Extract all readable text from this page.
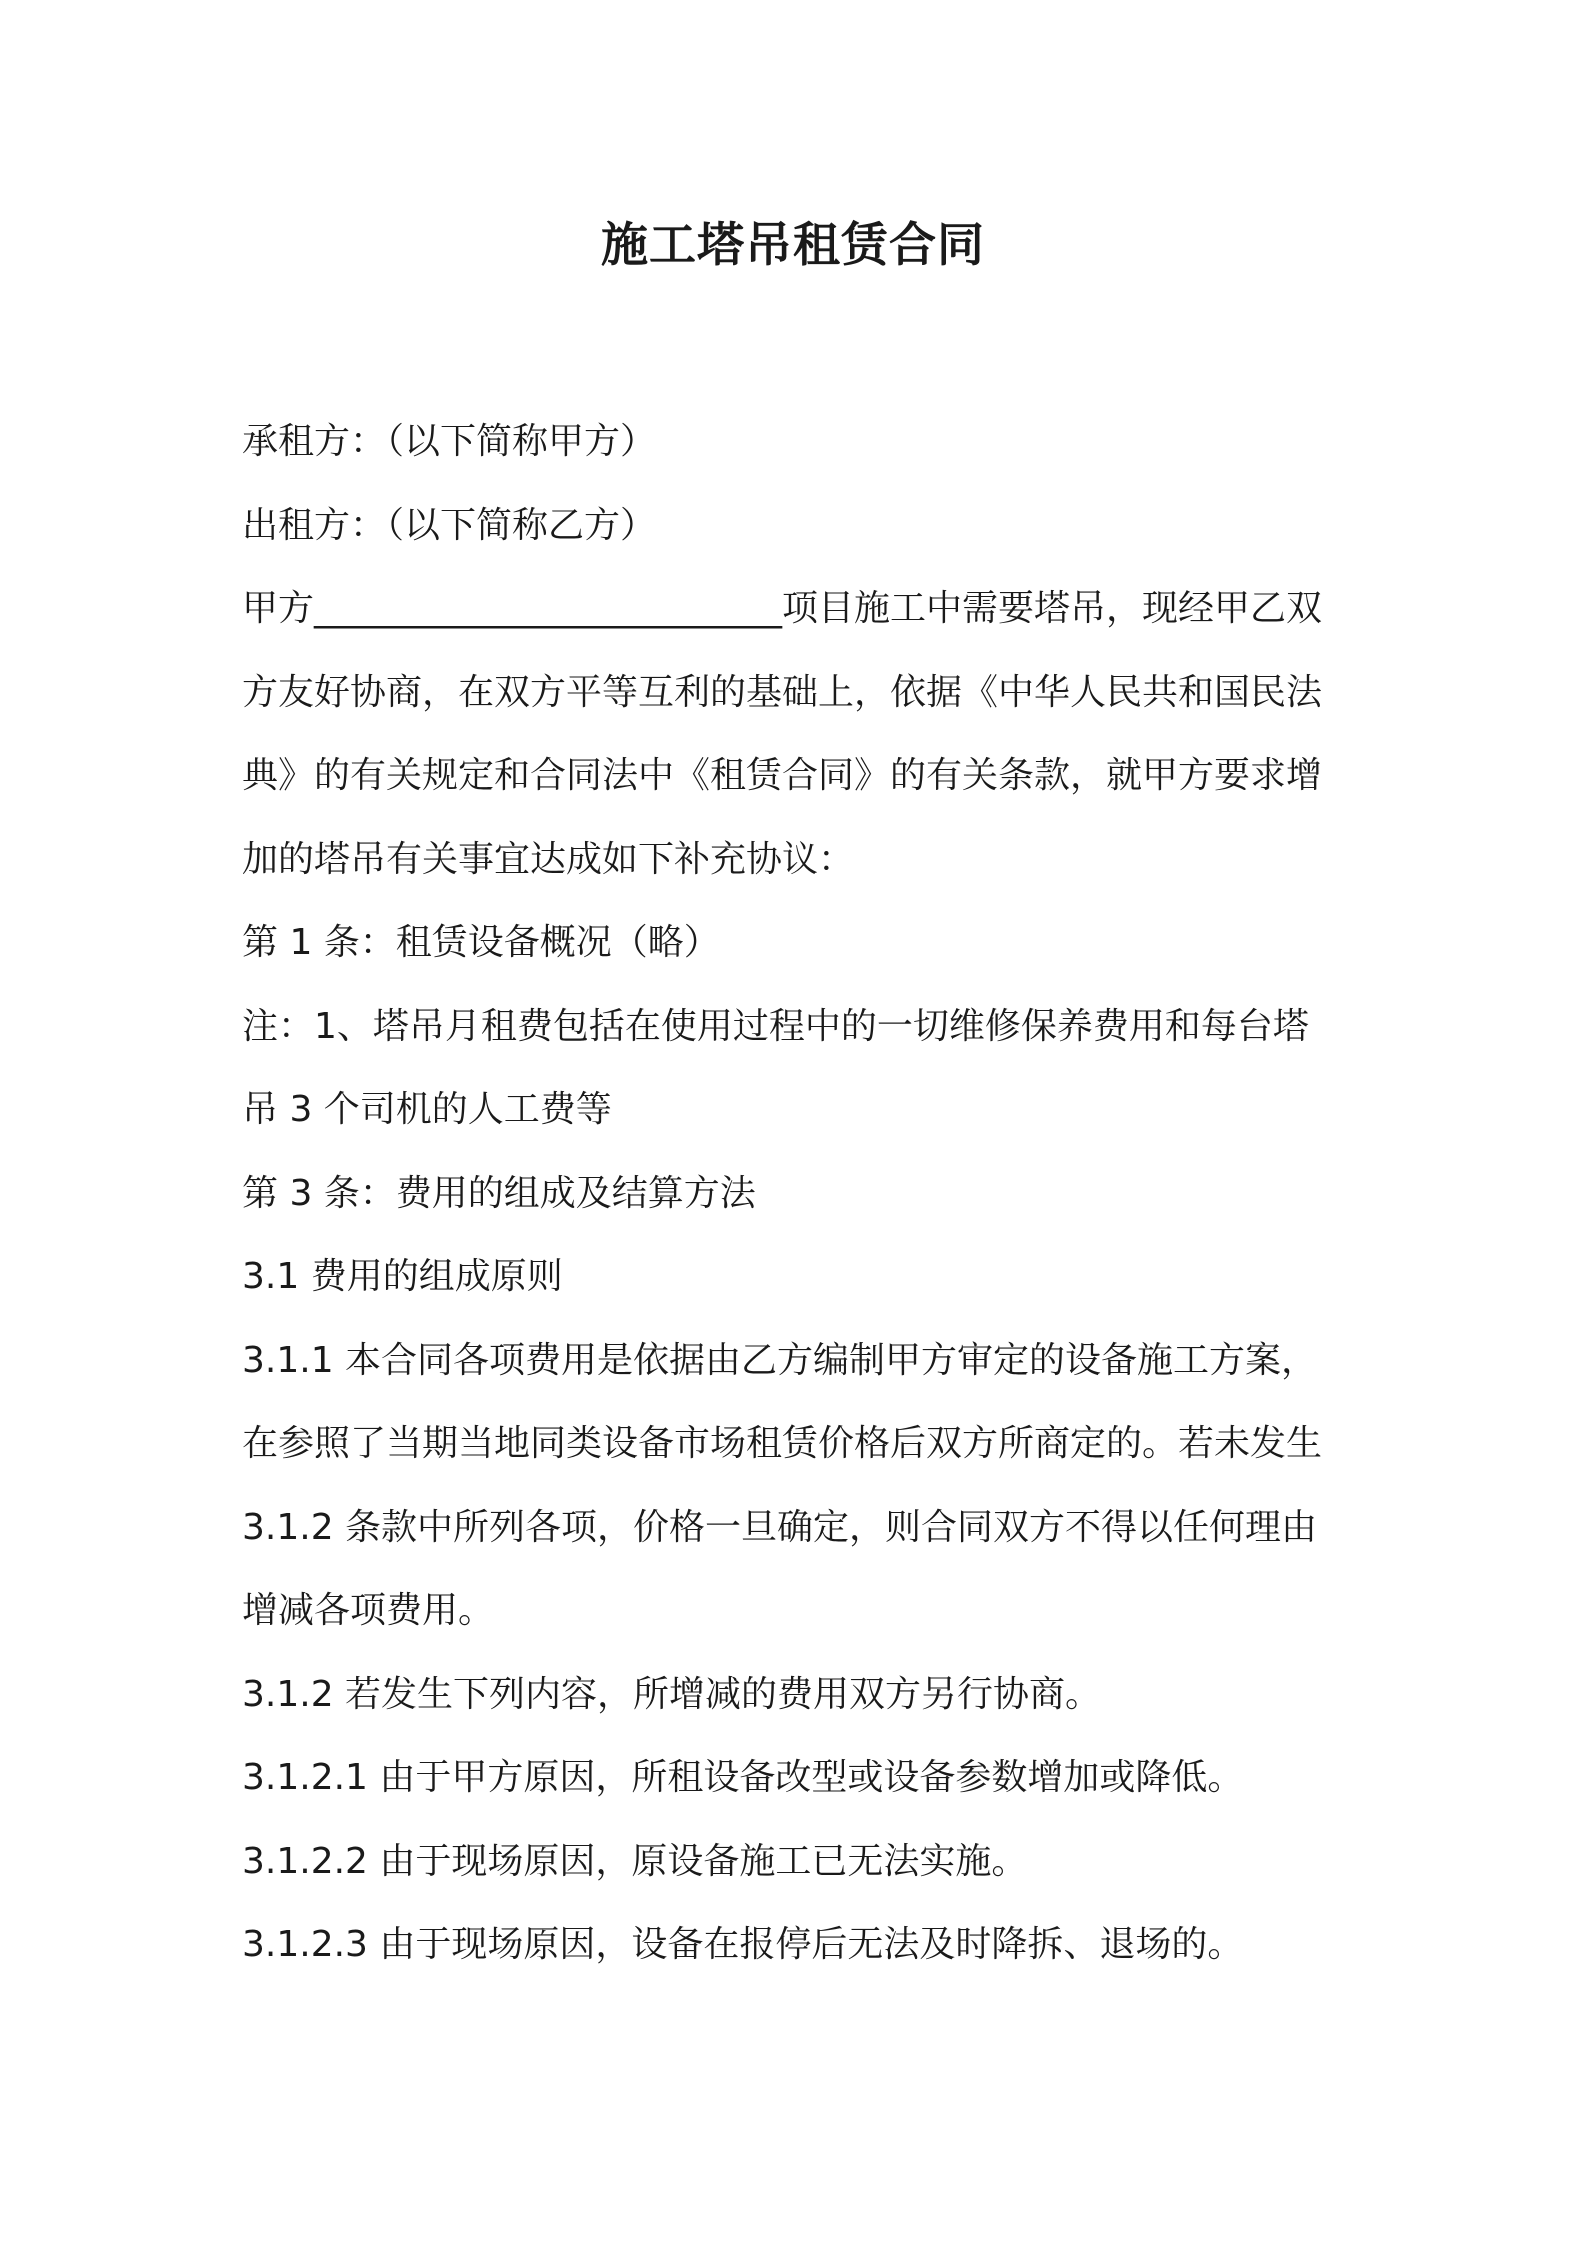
施工塔吊租赁合同

承租方：（以下简称甲方）

出租方：（以下简称乙方）

甲方__________________________项目施工中需要塔吊，现经甲乙双

方友好协商，在双方平等互利的基础上，依据《中华人民共和国民法

典》的有关规定和合同法中《租赁合同》的有关条款，就甲方要求增

加的塔吊有关事宜达成如下补充协议：

第 1 条：租赁设备概况（略）

注：1、塔吊月租费包括在使用过程中的一切维修保养费用和每台塔

吊 3 个司机的人工费等

第 3 条：费用的组成及结算方法

3.1 费用的组成原则

3.1.1 本合同各项费用是依据由乙方编制甲方审定的设备施工方案，

在参照了当期当地同类设备市场租赁价格后双方所商定的。若未发生

3.1.2 条款中所列各项，价格一旦确定，则合同双方不得以任何理由

增减各项费用。

3.1.2 若发生下列内容，所增减的费用双方另行协商。

3.1.2.1 由于甲方原因，所租设备改型或设备参数增加或降低。

3.1.2.2 由于现场原因，原设备施工已无法实施。

3.1.2.3 由于现场原因，设备在报停后无法及时降拆、退场的。
